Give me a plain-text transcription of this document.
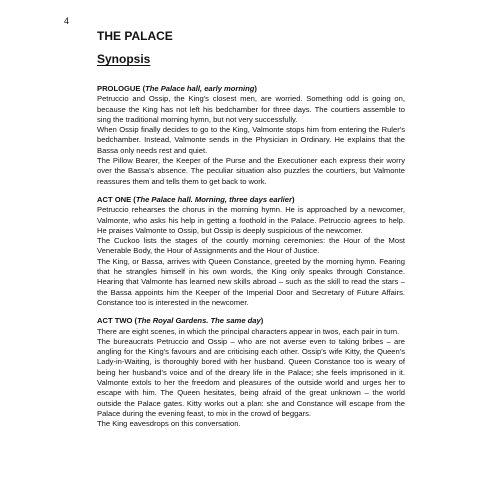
4
THE PALACE
Synopsis

PROLOGUE (The Palace hall, early morning)

Petruccio and Ossip, the King's closest men, are worried. Something odd is going on, because the King has not left his bedchamber for three days. The courtiers assemble to sing the traditional morning hymn, but not very successfully.

When Ossip finally decides to go to the King, Valmonte stops him from entering the Ruler's bedchamber. Instead, Valmonte sends in the Physician in Ordinary. He explains that the Bassa only needs rest and quiet.

The Pillow Bearer, the Keeper of the Purse and the Executioner each express their worry over the Bassa's absence. The peculiar situation also puzzles the courtiers, but Valmonte reassures them and tells them to get back to work.

ACT ONE (The Palace hall. Morning, three days earlier)

Petruccio rehearses the chorus in the morning hymn. He is approached by a newcomer, Valmonte, who asks his help in getting a foothold in the Palace. Petruccio agrees to help. He praises Valmonte to Ossip, but Ossip is deeply suspicious of the newcomer.

The Cuckoo lists the stages of the courtly morning ceremonies: the Hour of the Most Venerable Body, the Hour of Assignments and the Hour of Justice.

The King, or Bassa, arrives with Queen Constance, greeted by the morning hymn. Fearing that he strangles himself in his own words, the King only speaks through Constance. Hearing that Valmonte has learned new skills abroad – such as the skill to read the stars – the Bassa appoints him the Keeper of the Imperial Door and Secretary of Future Affairs. Constance too is interested in the newcomer.

ACT TWO (The Royal Gardens. The same day)

There are eight scenes, in which the principal characters appear in twos, each pair in turn.

The bureaucrats Petruccio and Ossip – who are not averse even to taking bribes – are angling for the King's favours and are criticising each other. Ossip's wife Kitty, the Queen's Lady-in-Waiting, is thoroughly bored with her husband. Queen Constance too is weary of being her husband's voice and of the dreary life in the Palace; she feels imprisoned in it. Valmonte extols to her the freedom and pleasures of the outside world and urges her to escape with him. The Queen hesitates, being afraid of the great unknown – the world outside the Palace gates. Kitty works out a plan: she and Constance will escape from the Palace during the evening feast, to mix in the crowd of beggars.

The King eavesdrops on this conversation.
